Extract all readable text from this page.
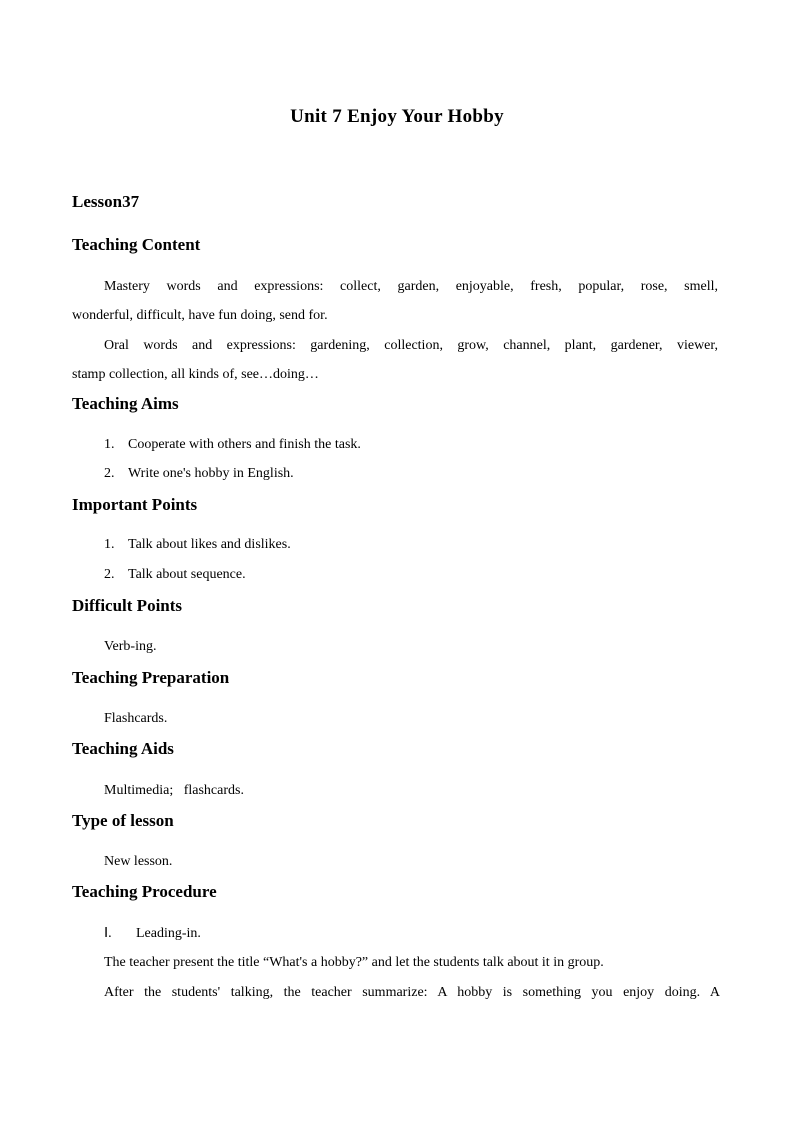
Unit 7 Enjoy Your Hobby
Lesson37
Teaching Content
Mastery words and expressions: collect, garden, enjoyable, fresh, popular, rose, smell,
wonderful, difficult, have fun doing, send for.
Oral words and expressions: gardening, collection, grow, channel, plant, gardener, viewer,
stamp collection, all kinds of, see…doing…
Teaching Aims
1. Cooperate with others and finish the task.
2. Write one's hobby in English.
Important Points
1. Talk about likes and dislikes.
2. Talk about sequence.
Difficult Points
Verb-ing.
Teaching Preparation
Flashcards.
Teaching Aids
Multimedia;   flashcards.
Type of lesson
New lesson.
Teaching Procedure
Ⅰ. Leading-in.
The teacher present the title “What's a hobby?” and let the students talk about it in group.
After the students' talking, the teacher summarize: A hobby is something you enjoy doing. A
